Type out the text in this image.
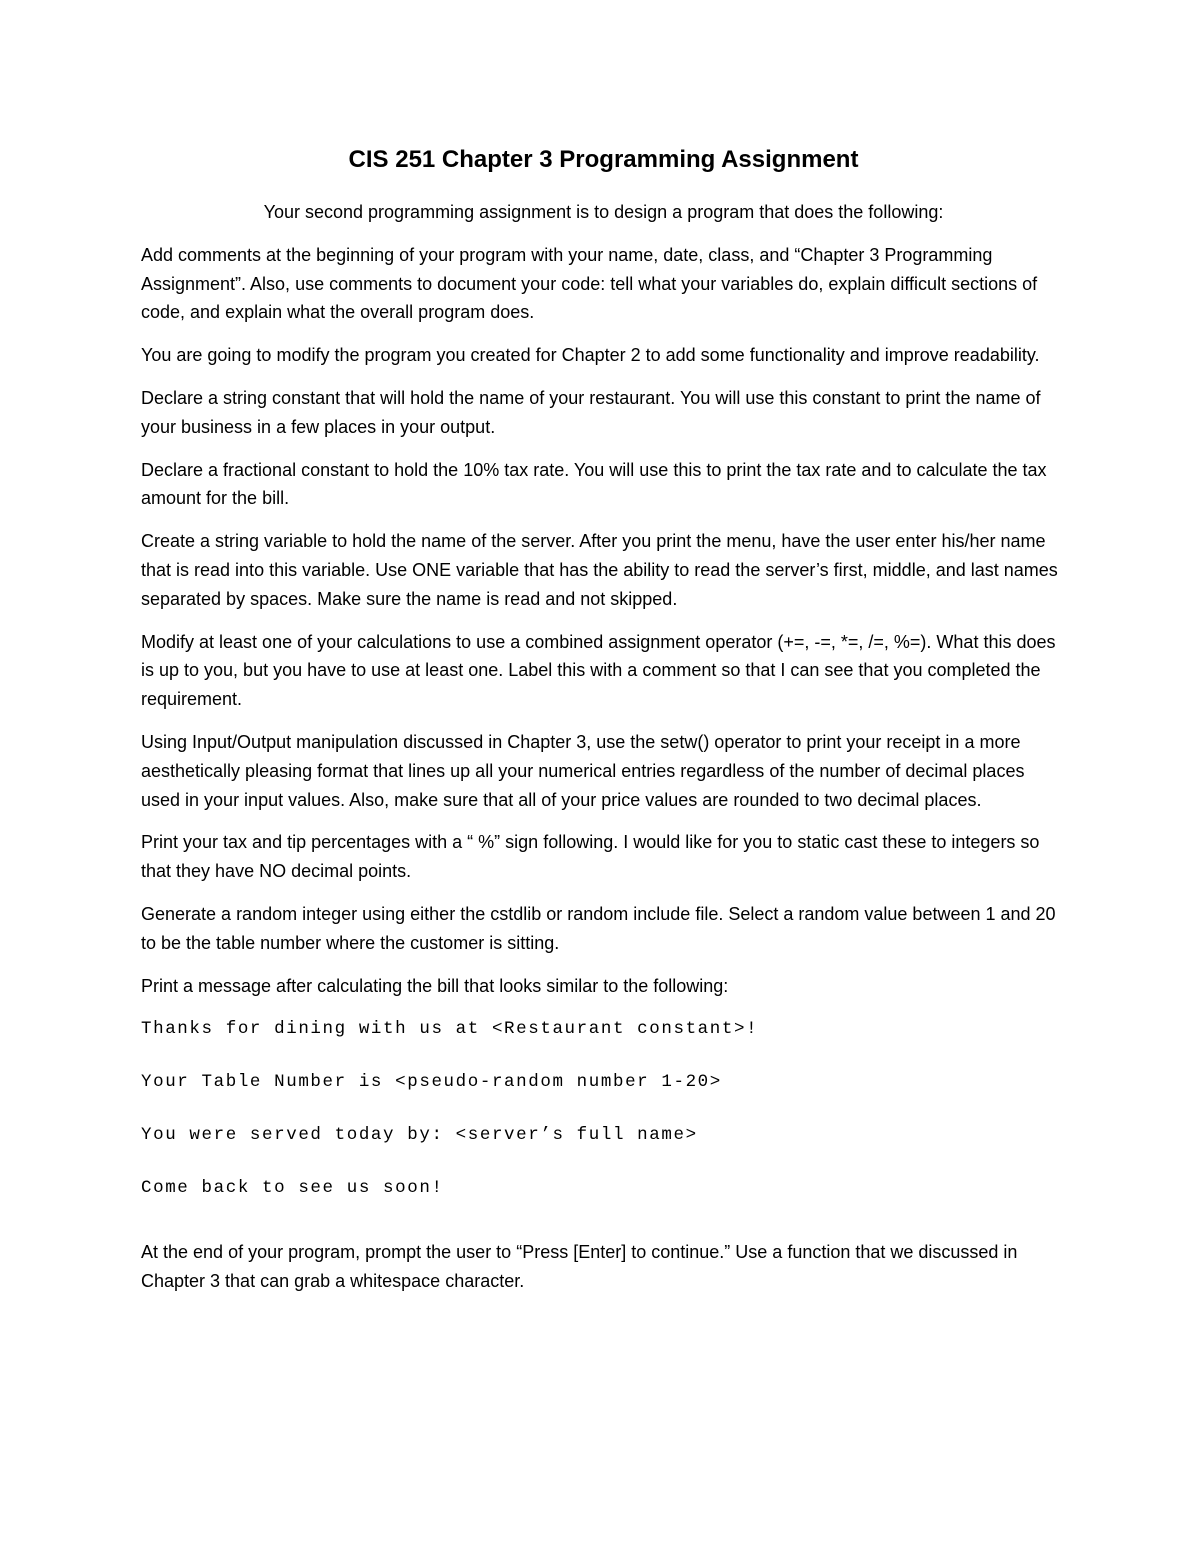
CIS 251 Chapter 3 Programming Assignment

Your second programming assignment is to design a program that does the following:

Add comments at the beginning of your program with your name, date, class, and “Chapter 3 Programming Assignment”. Also, use comments to document your code: tell what your variables do, explain difficult sections of code, and explain what the overall program does.

You are going to modify the program you created for Chapter 2 to add some functionality and improve readability.

Declare a string constant that will hold the name of your restaurant. You will use this constant to print the name of your business in a few places in your output.

Declare a fractional constant to hold the 10% tax rate. You will use this to print the tax rate and to calculate the tax amount for the bill.

Create a string variable to hold the name of the server. After you print the menu, have the user enter his/her name that is read into this variable. Use ONE variable that has the ability to read the server’s first, middle, and last names separated by spaces. Make sure the name is read and not skipped.

Modify at least one of your calculations to use a combined assignment operator (+=, -=, *=, /=, %=). What this does is up to you, but you have to use at least one. Label this with a comment so that I can see that you completed the requirement.

Using Input/Output manipulation discussed in Chapter 3, use the setw() operator to print your receipt in a more aesthetically pleasing format that lines up all your numerical entries regardless of the number of decimal places used in your input values. Also, make sure that all of your price values are rounded to two decimal places.

Print your tax and tip percentages with a “ %” sign following. I would like for you to static cast these to integers so that they have NO decimal points.

Generate a random integer using either the cstdlib or random include file. Select a random value between 1 and 20 to be the table number where the customer is sitting.

Print a message after calculating the bill that looks similar to the following:

Thanks for dining with us at <Restaurant constant>!
Your Table Number is <pseudo-random number 1-20>
You were served today by: <server’s full name>
Come back to see us soon!

At the end of your program, prompt the user to “Press [Enter] to continue.” Use a function that we discussed in Chapter 3 that can grab a whitespace character.
